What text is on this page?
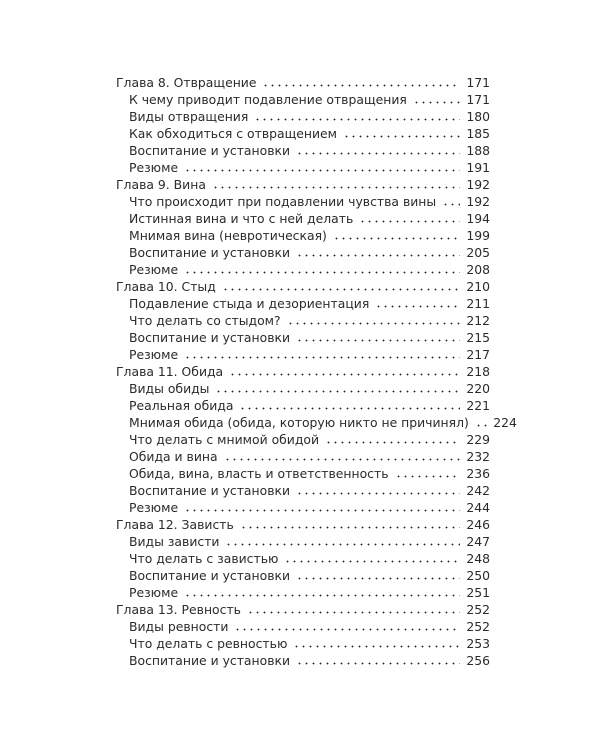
Глава 8. Отвращение	171
К чему приводит подавление отвращения	171
Виды отвращения	180
Как обходиться с отвращением	185
Воспитание и установки	188
Резюме	191
Глава 9. Вина	192
Что происходит при подавлении чувства вины 192
Истинная вина и что с ней делать	194
Мнимая вина (невротическая)	199
Воспитание и установки	205
Резюме	208
Глава 10. Стыд	210
Подавление стыда и дезориентация	211
Что делать со стыдом?	212
Воспитание и установки	215
Резюме	217
Глава 11. Обида	218
Виды обиды	220
Реальная обида	221
Мнимая обида (обида, которую никто не причинял) 224
Что делать с мнимой обидой	229
Обида и вина	232
Обида, вина, власть и ответственность	236
Воспитание и установки	242
Резюме	244
Глава 12. Зависть	246
Виды зависти	247
Что делать с завистью	248
Воспитание и установки	250
Резюме	251
Глава 13. Ревность	252
Виды ревности	252
Что делать с ревностью	253
Воспитание и установки	256
